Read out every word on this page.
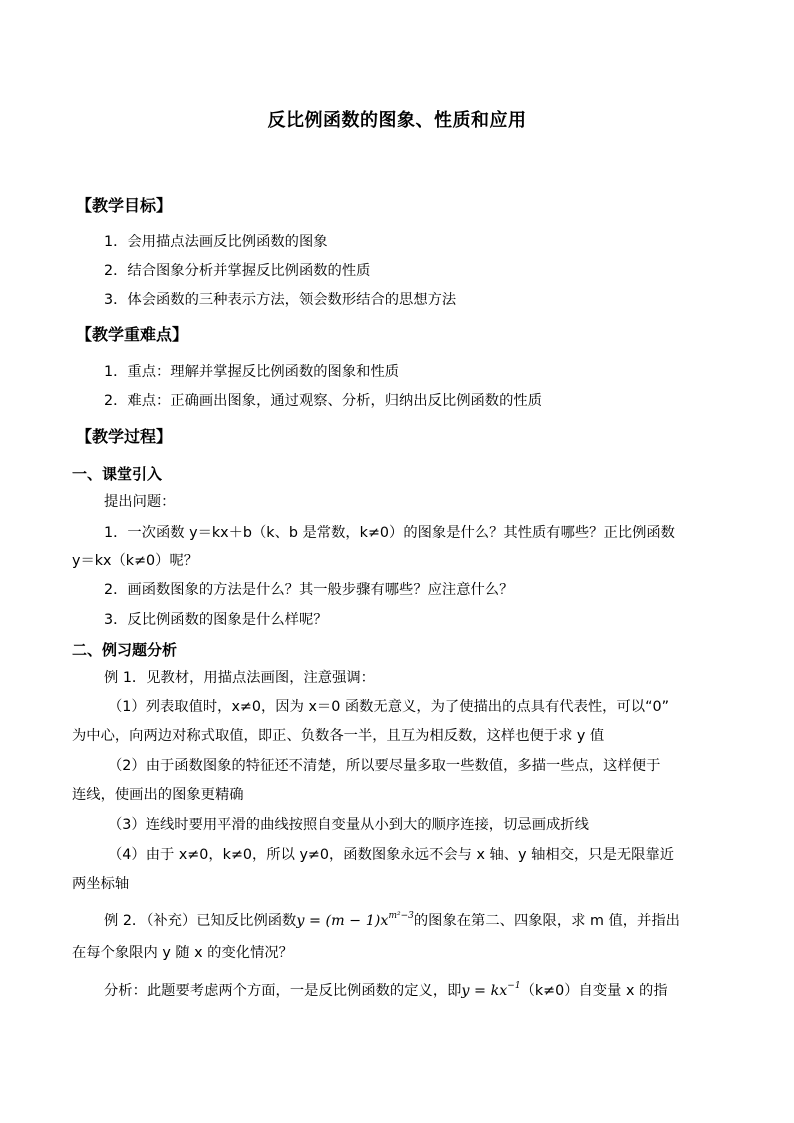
反比例函数的图象、性质和应用
【教学目标】
1．会用描点法画反比例函数的图象
2．结合图象分析并掌握反比例函数的性质
3．体会函数的三种表示方法，领会数形结合的思想方法
【教学重难点】
1．重点：理解并掌握反比例函数的图象和性质
2．难点：正确画出图象，通过观察、分析，归纳出反比例函数的性质
【教学过程】
一、课堂引入
提出问题：
1．一次函数 y＝kx＋b（k、b 是常数，k≠0）的图象是什么？其性质有哪些？正比例函数
y＝kx（k≠0）呢？
2．画函数图象的方法是什么？其一般步骤有哪些？应注意什么？
3．反比例函数的图象是什么样呢？
二、例习题分析
例 1．见教材，用描点法画图，注意强调：
（1）列表取值时，x≠0，因为 x＝0 函数无意义，为了使描出的点具有代表性，可以“0”
为中心，向两边对称式取值，即正、负数各一半，且互为相反数，这样也便于求 y 值
（2）由于函数图象的特征还不清楚，所以要尽量多取一些数值，多描一些点，这样便于
连线，使画出的图象更精确
（3）连线时要用平滑的曲线按照自变量从小到大的顺序连接，切忌画成折线
（4）由于 x≠0，k≠0，所以 y≠0，函数图象永远不会与 x 轴、y 轴相交，只是无限靠近
两坐标轴
例 2．（补充）已知反比例函数$y = (m - 1)x^{m^2-3}$的图象在第二、四象限，求 m 值，并指出
在每个象限内 y 随 x 的变化情况？
分析：此题要考虑两个方面，一是反比例函数的定义，即$y = kx^{-1}(k\ne 0)$自变量 x 的指
